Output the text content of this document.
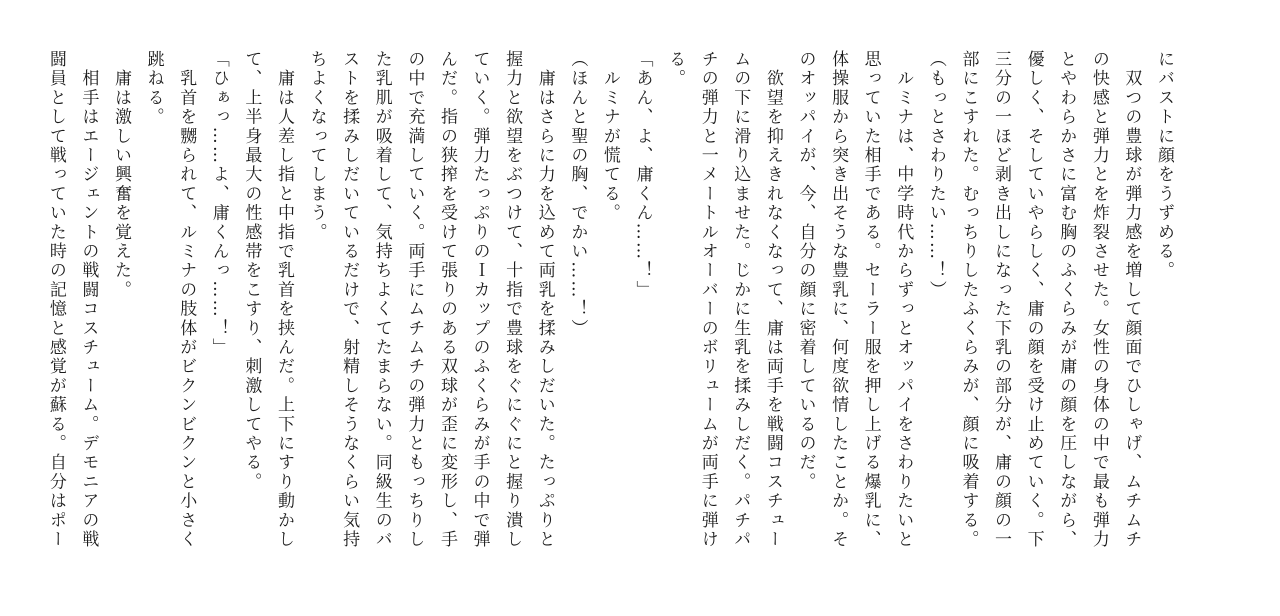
にバストに顔をうずめる。
　双つの豊球が弾力感を増して顔面でひしゃげ、ムチムチ
の快感と弾力とを炸裂させた。女性の身体の中で最も弾力
とやわらかさに富む胸のふくらみが庸の顔を圧しながら、
優しく、そしていやらしく、庸の顔を受け止めていく。下
三分の一ほど剥き出しになった下乳の部分が、庸の顔の一
部にこすれた。むっちりしたふくらみが、顔に吸着する。
（もっとさわりたい……！）
　ルミナは、中学時代からずっとオッパイをさわりたいと
思っていた相手である。セーラー服を押し上げる爆乳に、
体操服から突き出そうな豊乳に、何度欲情したことか。そ
のオッパイが、今、自分の顔に密着しているのだ。
　欲望を抑えきれなくなって、庸は両手を戦闘コスチュー
ムの下に滑り込ませた。じかに生乳を揉みしだく。パチパ
チの弾力と一メートルオーバーのボリュームが両手に弾け
る。
「あん、よ、庸くん……！」
　ルミナが慌てる。
（ほんと聖の胸、でかい……！）
　庸はさらに力を込めて両乳を揉みしだいた。たっぷりと
握力と欲望をぶつけて、十指で豊球をぐにぐにと握り潰し
ていく。弾力たっぷりのＩカップのふくらみが手の中で弾
んだ。指の狭搾を受けて張りのある双球が歪に変形し、手
の中で充満していく。両手にムチムチの弾力ともっちりし
た乳肌が吸着して、気持ちよくてたまらない。同級生のバ
ストを揉みしだいているだけで、射精しそうなくらい気持
ちよくなってしまう。
　庸は人差し指と中指で乳首を挟んだ。上下にすり動かし
て、上半身最大の性感帯をこすり、刺激してやる。
「ひぁっ……よ、庸くんっ……！」
　乳首を嬲られて、ルミナの肢体がビクンビクンと小さく
跳ねる。
　庸は激しい興奮を覚えた。
　相手はエージェントの戦闘コスチューム。デモニアの戦
闘員として戦っていた時の記憶と感覚が蘇る。自分はポー
